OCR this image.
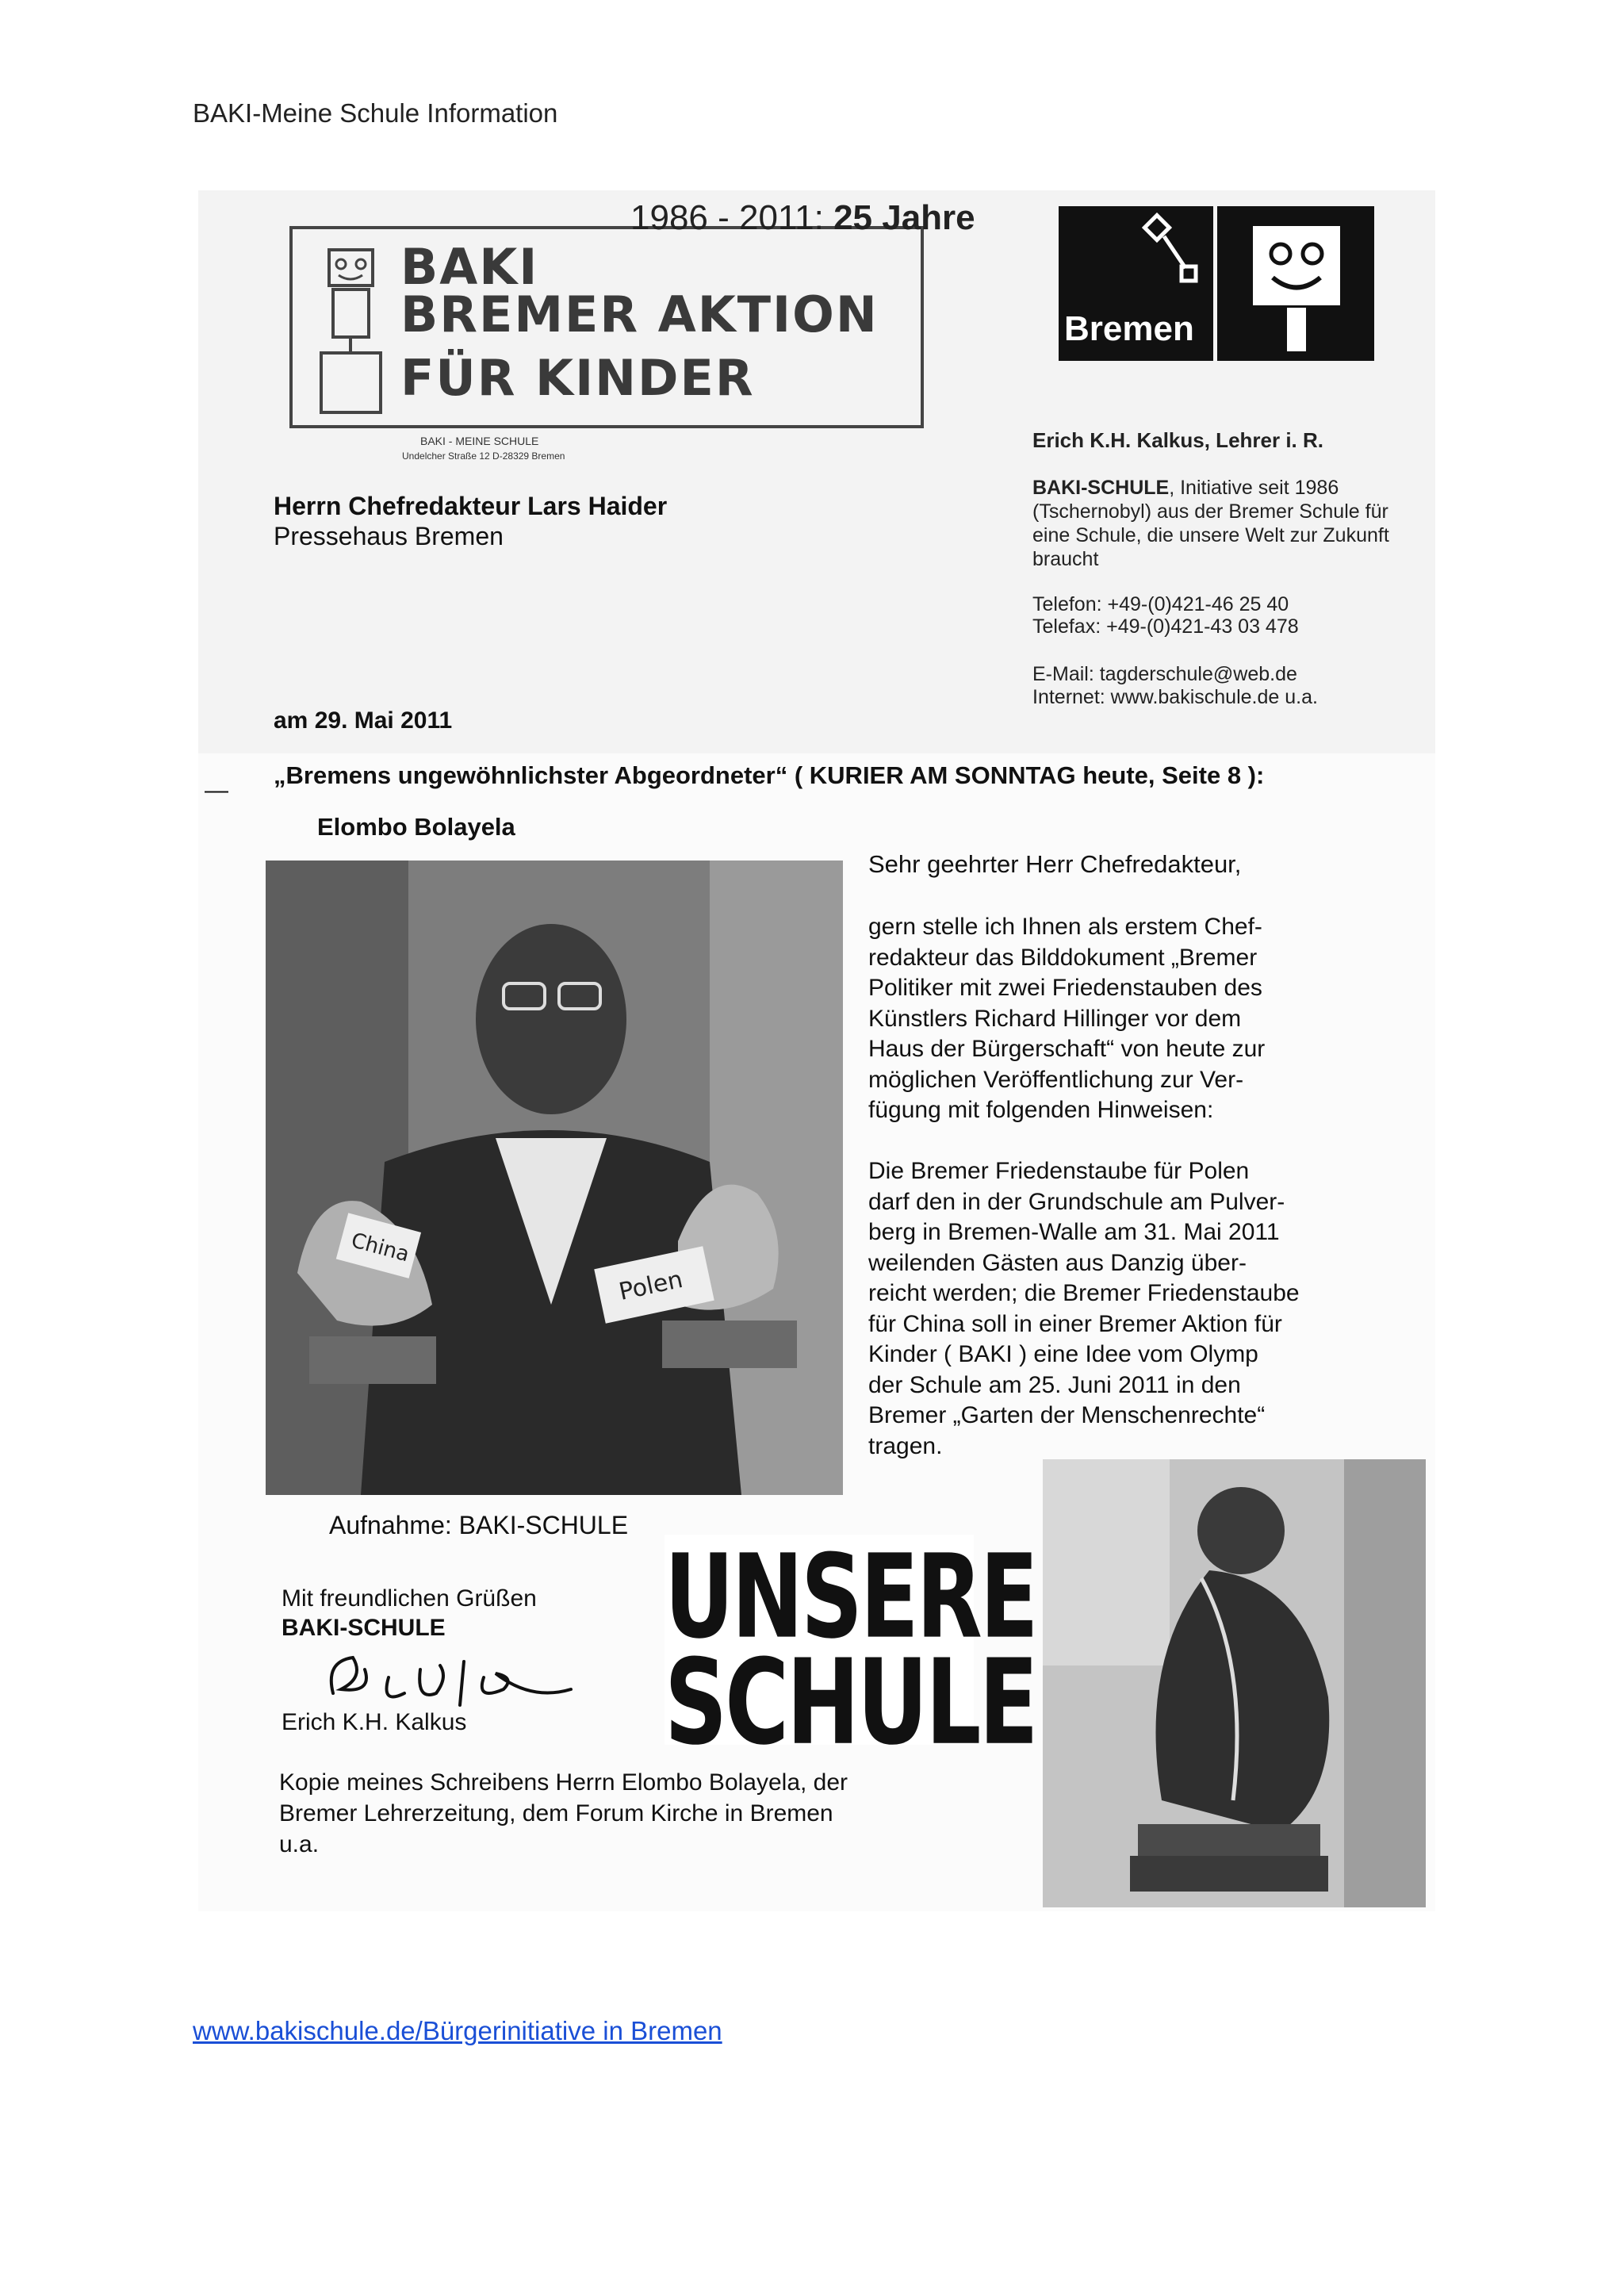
BAKI-Meine Schule Information
1986 - 2011: 25 Jahre
BAKI
BREMER AKTION
FÜR KINDER
BAKI - MEINE SCHULE
Undelcher Straße 12 D-28329 Bremen
Bremen
Erich K.H. Kalkus, Lehrer i. R.
BAKI-SCHULE, Initiative seit 1986 (Tschernobyl) aus der Bremer Schule für eine Schule, die unsere Welt zur Zukunft braucht
Telefon: +49-(0)421-46 25 40
Telefax: +49-(0)421-43 03 478
E-Mail: tagderschule@web.de
Internet: www.bakischule.de u.a.
Herrn Chefredakteur Lars Haider
Pressehaus Bremen
am 29. Mai 2011
—
„Bremens ungewöhnlichster Abgeordneter“ ( KURIER AM SONNTAG heute, Seite 8 ):
Elombo Bolayela
China
Polen
Aufnahme: BAKI-SCHULE
Sehr geehrter Herr Chefredakteur,
gern stelle ich Ihnen als erstem Chef-
redakteur das Bilddokument „Bremer
Politiker mit zwei Friedenstauben des
Künstlers Richard Hillinger vor dem
Haus der Bürgerschaft“ von heute zur
möglichen Veröffentlichung zur Ver-
fügung mit folgenden Hinweisen:
Die Bremer Friedenstaube für Polen
darf den in der Grundschule am Pulver-
berg in Bremen-Walle am 31. Mai 2011
weilenden Gästen aus Danzig über-
reicht werden; die Bremer Friedenstaube
für China soll in einer Bremer Aktion für
Kinder ( BAKI ) eine Idee vom Olymp
der Schule am 25. Juni 2011 in den
Bremer „Garten der Menschenrechte“
tragen.
Mit freundlichen Grüßen
BAKI-SCHULE
Erich K.H. Kalkus
Kopie meines Schreibens Herrn Elombo Bolayela, der
Bremer Lehrerzeitung, dem Forum Kirche in Bremen
u.a.
UNSERE
SCHULE
www.bakischule.de/Bürgerinitiative in Bremen
